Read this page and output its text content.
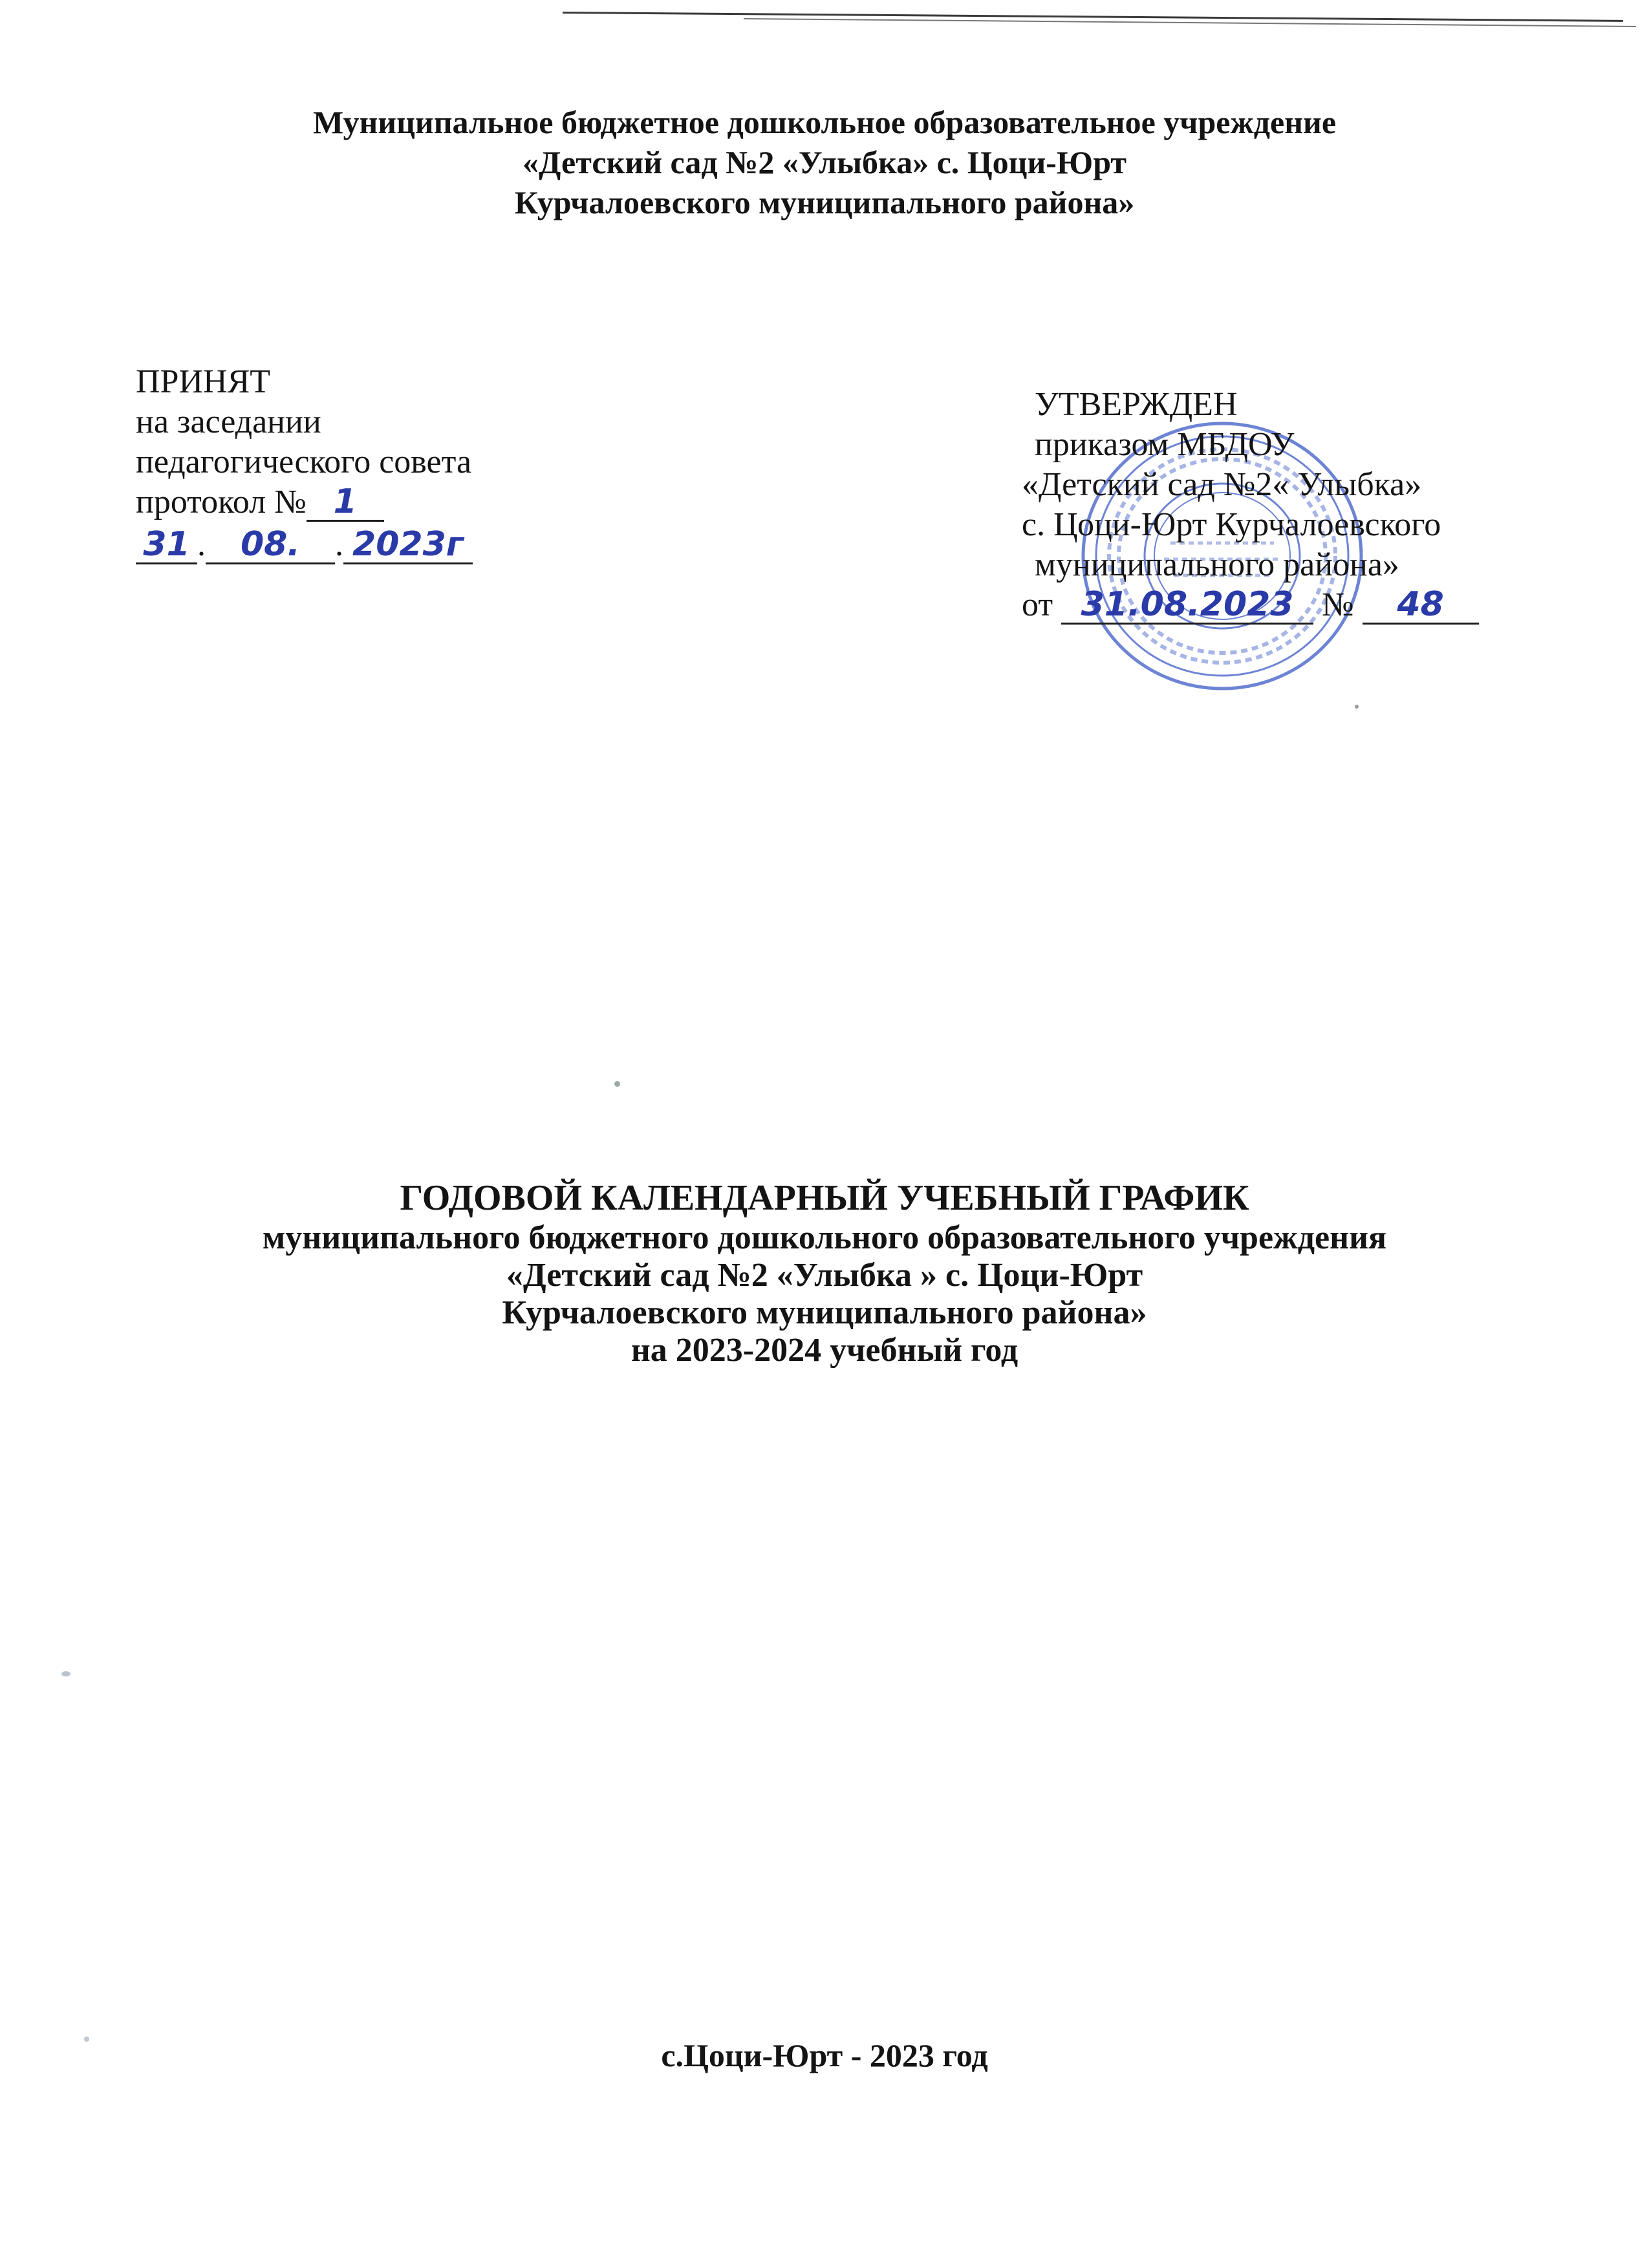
Муниципальное бюджетное дошкольное образовательное учреждение
«Детский сад №2 «Улыбка» с. Цоци-Юрт
Курчалоевского муниципального района»
ПРИНЯТ
на заседании
педагогического совета
протокол № 1
31 . 08. . 2023г
УТВЕРЖДЕН
приказом МБДОУ
«Детский сад №2« Улыбка»
с. Цоци-Юрт Курчалоевского
муниципального района»
от 31.08.2023 № 48
ГОДОВОЙ КАЛЕНДАРНЫЙ УЧЕБНЫЙ ГРАФИК
муниципального бюджетного дошкольного образовательного учреждения
«Детский сад №2 «Улыбка » с. Цоци-Юрт
Курчалоевского муниципального района»
на 2023-2024 учебный год
с.Цоци-Юрт - 2023 год
